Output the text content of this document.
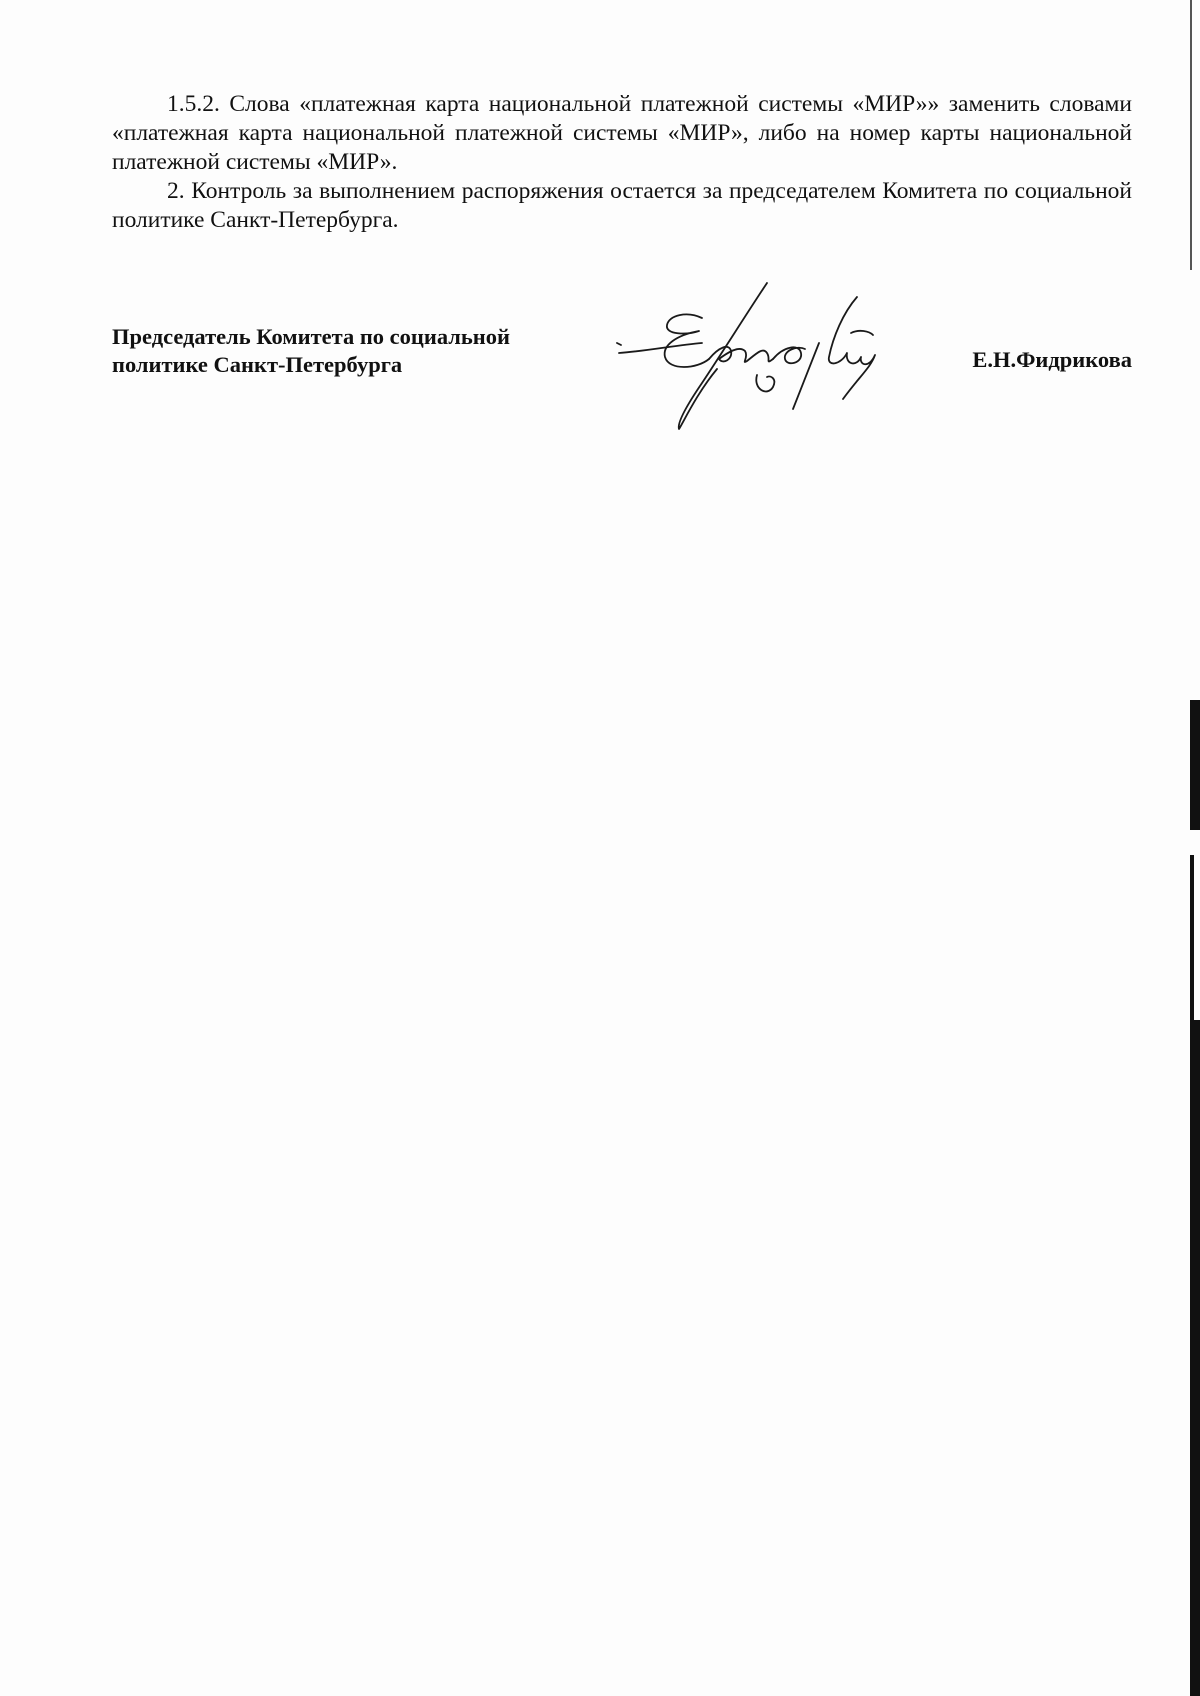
1.5.2. Слова «платежная карта национальной платежной системы «МИР»» заменить словами «платежная карта национальной платежной системы «МИР», либо на номер карты национальной платежной системы «МИР».

2. Контроль за выполнением распоряжения остается за председателем Комитета по социальной политике Санкт-Петербурга.

Председатель Комитета по социальной
политике Санкт-Петербурга	Е.Н.Фидрикова
